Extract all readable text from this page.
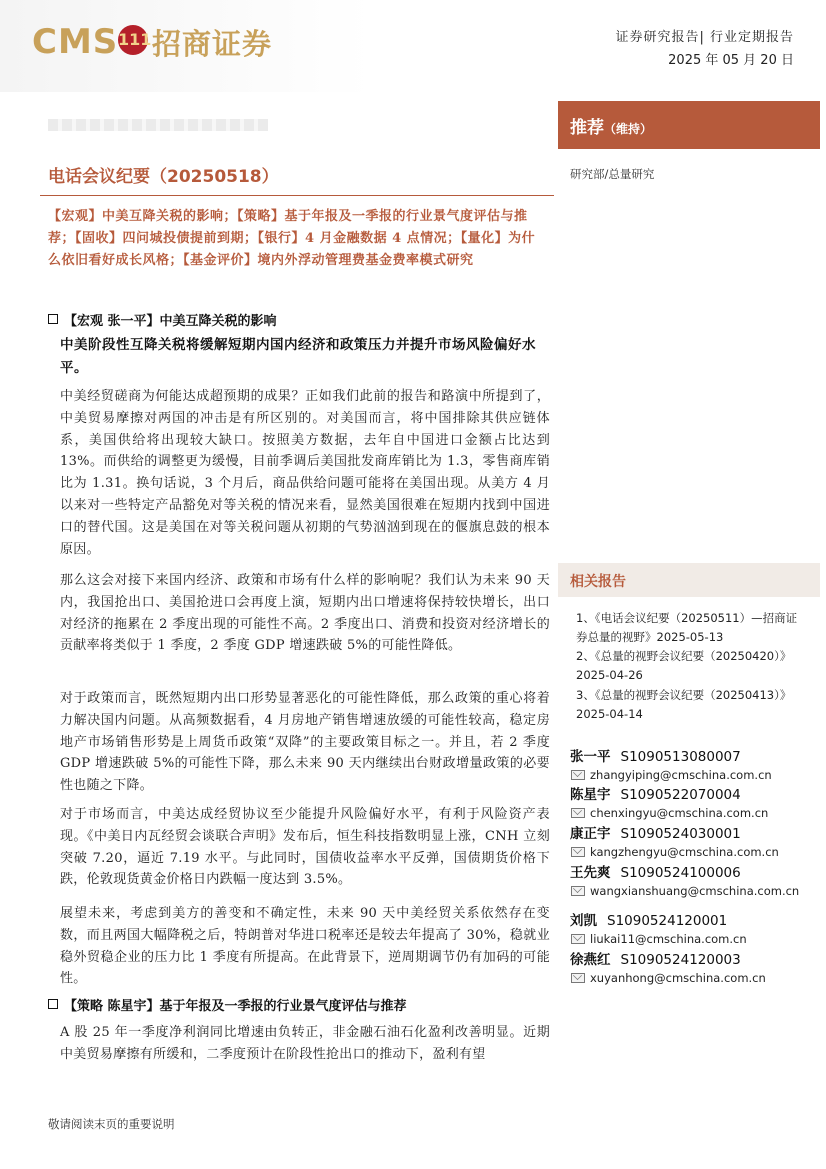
CMS 111 招商证券	证券研究报告| 行业定期报告
2025 年 05 月 20 日
推荐（维持）
研究部/总量研究
电话会议纪要（20250518）
【宏观】中美互降关税的影响；【策略】基于年报及一季报的行业景气度评估与推荐；【固收】四问城投债提前到期；【银行】4 月金融数据 4 点情况；【量化】为什么依旧看好成长风格；【基金评价】境内外浮动管理费基金费率模式研究
【宏观 张一平】中美互降关税的影响
中美阶段性互降关税将缓解短期内国内经济和政策压力并提升市场风险偏好水平。
中美经贸磋商为何能达成超预期的成果？正如我们此前的报告和路演中所提到了，中美贸易摩擦对两国的冲击是有所区别的。对美国而言，将中国排除其供应链体系，美国供给将出现较大缺口。按照美方数据，去年自中国进口金额占比达到 13%。而供给的调整更为缓慢，目前季调后美国批发商库销比为 1.3，零售商库销比为 1.31。换句话说，3 个月后，商品供给问题可能将在美国出现。从美方 4 月以来对一些特定产品豁免对等关税的情况来看，显然美国很难在短期内找到中国进口的替代国。这是美国在对等关税问题从初期的气势汹汹到现在的偃旗息鼓的根本原因。
那么这会对接下来国内经济、政策和市场有什么样的影响呢？我们认为未来 90 天内，我国抢出口、美国抢进口会再度上演，短期内出口增速将保持较快增长，出口对经济的拖累在 2 季度出现的可能性不高。2 季度出口、消费和投资对经济增长的贡献率将类似于 1 季度，2 季度 GDP 增速跌破 5%的可能性降低。
对于政策而言，既然短期内出口形势显著恶化的可能性降低，那么政策的重心将着力解决国内问题。从高频数据看，4 月房地产销售增速放缓的可能性较高，稳定房地产市场销售形势是上周货币政策“双降”的主要政策目标之一。并且，若 2 季度 GDP 增速跌破 5%的可能性下降，那么未来 90 天内继续出台财政增量政策的必要性也随之下降。
对于市场而言，中美达成经贸协议至少能提升风险偏好水平，有利于风险资产表现。《中美日内瓦经贸会谈联合声明》发布后，恒生科技指数明显上涨，CNH 立刻突破 7.20，逼近 7.19 水平。与此同时，国债收益率水平反弹，国债期货价格下跌，伦敦现货黄金价格日内跌幅一度达到 3.5%。
展望未来，考虑到美方的善变和不确定性，未来 90 天中美经贸关系依然存在变数，而且两国大幅降税之后，特朗普对华进口税率还是较去年提高了 30%，稳就业稳外贸稳企业的压力比 1 季度有所提高。在此背景下，逆周期调节仍有加码的可能性。
【策略 陈星宇】基于年报及一季报的行业景气度评估与推荐
A 股 25 年一季度净利润同比增速由负转正，非金融石油石化盈利改善明显。近期中美贸易摩擦有所缓和，二季度预计在阶段性抢出口的推动下，盈利有望
相关报告
1、《电话会议纪要（20250511）—招商证券总量的视野》2025-05-13
2、《总量的视野会议纪要（20250420）》2025-04-26
3、《总量的视野会议纪要（20250413）》2025-04-14
张一平 S1090513080007
zhangyiping@cmschina.com.cn
陈星宇 S1090522070004
chenxingyu@cmschina.com.cn
康正宇 S1090524030001
kangzhengyu@cmschina.com.cn
王先爽 S1090524100006
wangxianshuang@cmschina.com.cn
刘凯 S1090524120001
liukai11@cmschina.com.cn
徐燕红 S1090524120003
xuyanhong@cmschina.com.cn
敬请阅读末页的重要说明
